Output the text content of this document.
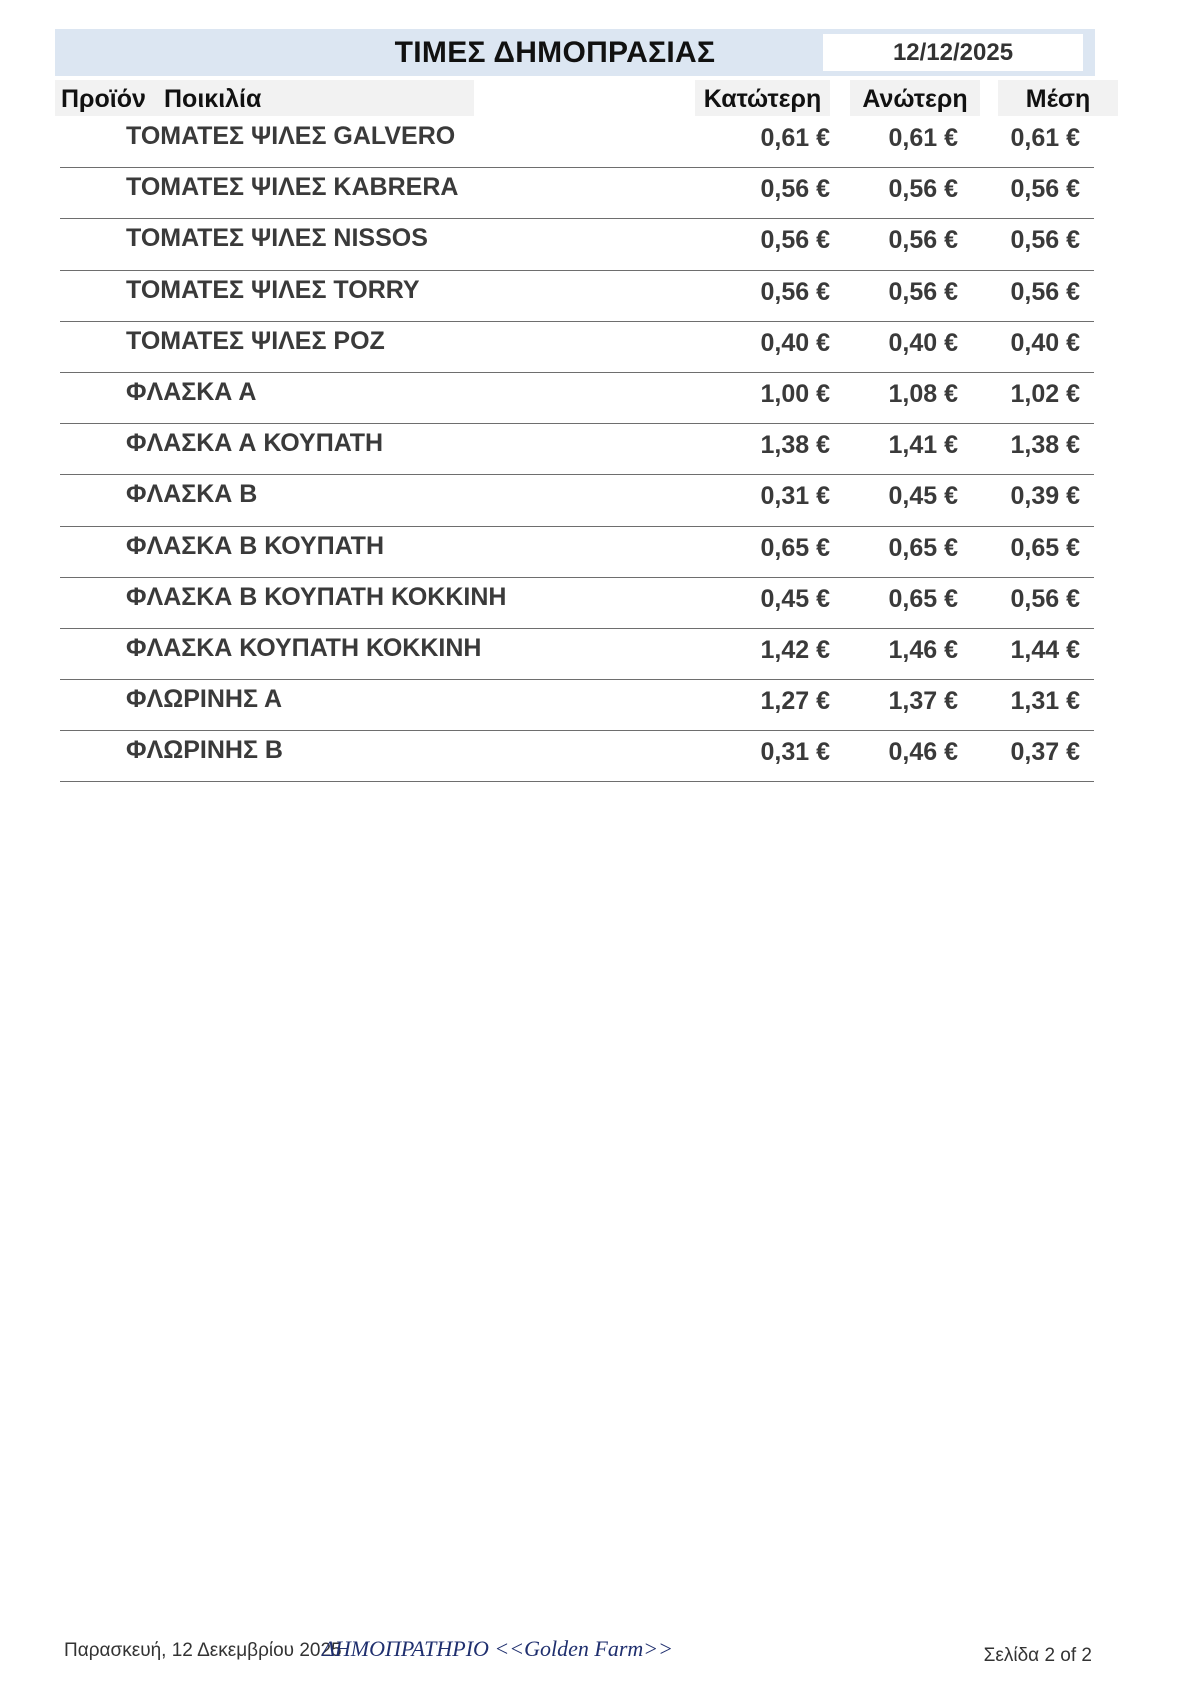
ΤΙΜΕΣ ΔΗΜΟΠΡΑΣΙΑΣ	12/12/2025
Προϊόν Ποικιλία	Κατώτερη	Ανώτερη	Μέση
ΤΟΜΑΤΕΣ ΨΙΛΕΣ GALVERO	0,61 €	0,61 €	0,61 €
ΤΟΜΑΤΕΣ ΨΙΛΕΣ KABRERA	0,56 €	0,56 €	0,56 €
ΤΟΜΑΤΕΣ ΨΙΛΕΣ NISSOS	0,56 €	0,56 €	0,56 €
ΤΟΜΑΤΕΣ ΨΙΛΕΣ TORRY	0,56 €	0,56 €	0,56 €
ΤΟΜΑΤΕΣ ΨΙΛΕΣ ΡΟΖ	0,40 €	0,40 €	0,40 €
ΦΛΑΣΚΑ Α	1,00 €	1,08 €	1,02 €
ΦΛΑΣΚΑ Α ΚΟΥΠΑΤΗ	1,38 €	1,41 €	1,38 €
ΦΛΑΣΚΑ Β	0,31 €	0,45 €	0,39 €
ΦΛΑΣΚΑ Β ΚΟΥΠΑΤΗ	0,65 €	0,65 €	0,65 €
ΦΛΑΣΚΑ Β ΚΟΥΠΑΤΗ ΚΟΚΚΙΝΗ	0,45 €	0,65 €	0,56 €
ΦΛΑΣΚΑ ΚΟΥΠΑΤΗ ΚΟΚΚΙΝΗ	1,42 €	1,46 €	1,44 €
ΦΛΩΡΙΝΗΣ Α	1,27 €	1,37 €	1,31 €
ΦΛΩΡΙΝΗΣ Β	0,31 €	0,46 €	0,37 €
Παρασκευή, 12 Δεκεμβρίου 2025
ΔΗΜΟΠΡΑΤΗΡΙΟ <<Golden Farm>>	Σελίδα 2 of 2
